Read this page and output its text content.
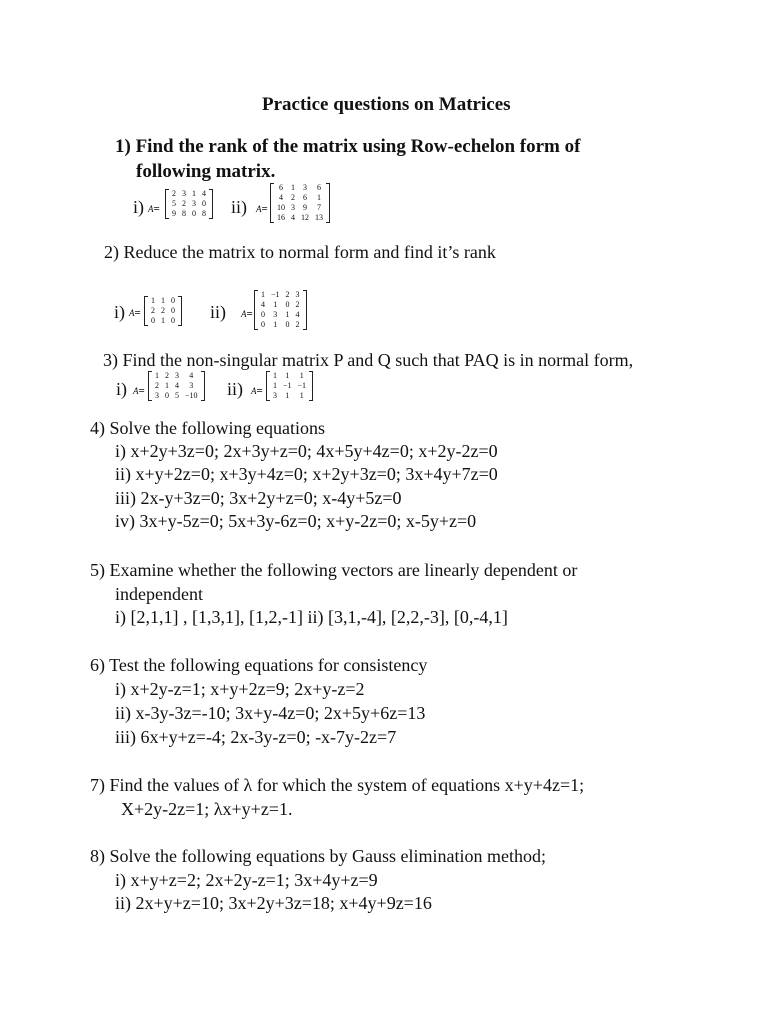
Practice questions on Matrices
1) Find the rank of the matrix using Row-echelon form of
following matrix.
i) A=
2	3	1	4
5	2	3	0
9	8	0	8 ii) A=
6	1	3	6
4	2	6	1
10	3	9	7
16	4	12	13
2) Reduce the matrix to normal form and find it’s rank
i) A=
1	1	0
2	2	0
0	1	0 ii) A=
1	−1	2	3
4	1	0	2
0	3	1	4
0	1	0	2
3) Find the non-singular matrix P and Q such that PAQ is in normal form,
i) A=
1	2	3	4
2	1	4	3
3	0	5	−10 ii) A=
1	1	1
1	−1	−1
3	1	1
4) Solve the following equations
i) x+2y+3z=0; 2x+3y+z=0; 4x+5y+4z=0; x+2y-2z=0
ii) x+y+2z=0; x+3y+4z=0; x+2y+3z=0; 3x+4y+7z=0
iii) 2x-y+3z=0; 3x+2y+z=0; x-4y+5z=0
iv) 3x+y-5z=0; 5x+3y-6z=0; x+y-2z=0; x-5y+z=0
5) Examine whether the following vectors are linearly dependent or
independent
i) [2,1,1] , [1,3,1], [1,2,-1] ii) [3,1,-4], [2,2,-3], [0,-4,1]
6) Test the following equations for consistency
i) x+2y-z=1; x+y+2z=9; 2x+y-z=2
ii) x-3y-3z=-10; 3x+y-4z=0; 2x+5y+6z=13
iii) 6x+y+z=-4; 2x-3y-z=0; -x-7y-2z=7
7) Find the values of λ for which the system of equations x+y+4z=1;
X+2y-2z=1; λx+y+z=1.
8) Solve the following equations by Gauss elimination method;
i) x+y+z=2; 2x+2y-z=1; 3x+4y+z=9
ii) 2x+y+z=10; 3x+2y+3z=18; x+4y+9z=16
